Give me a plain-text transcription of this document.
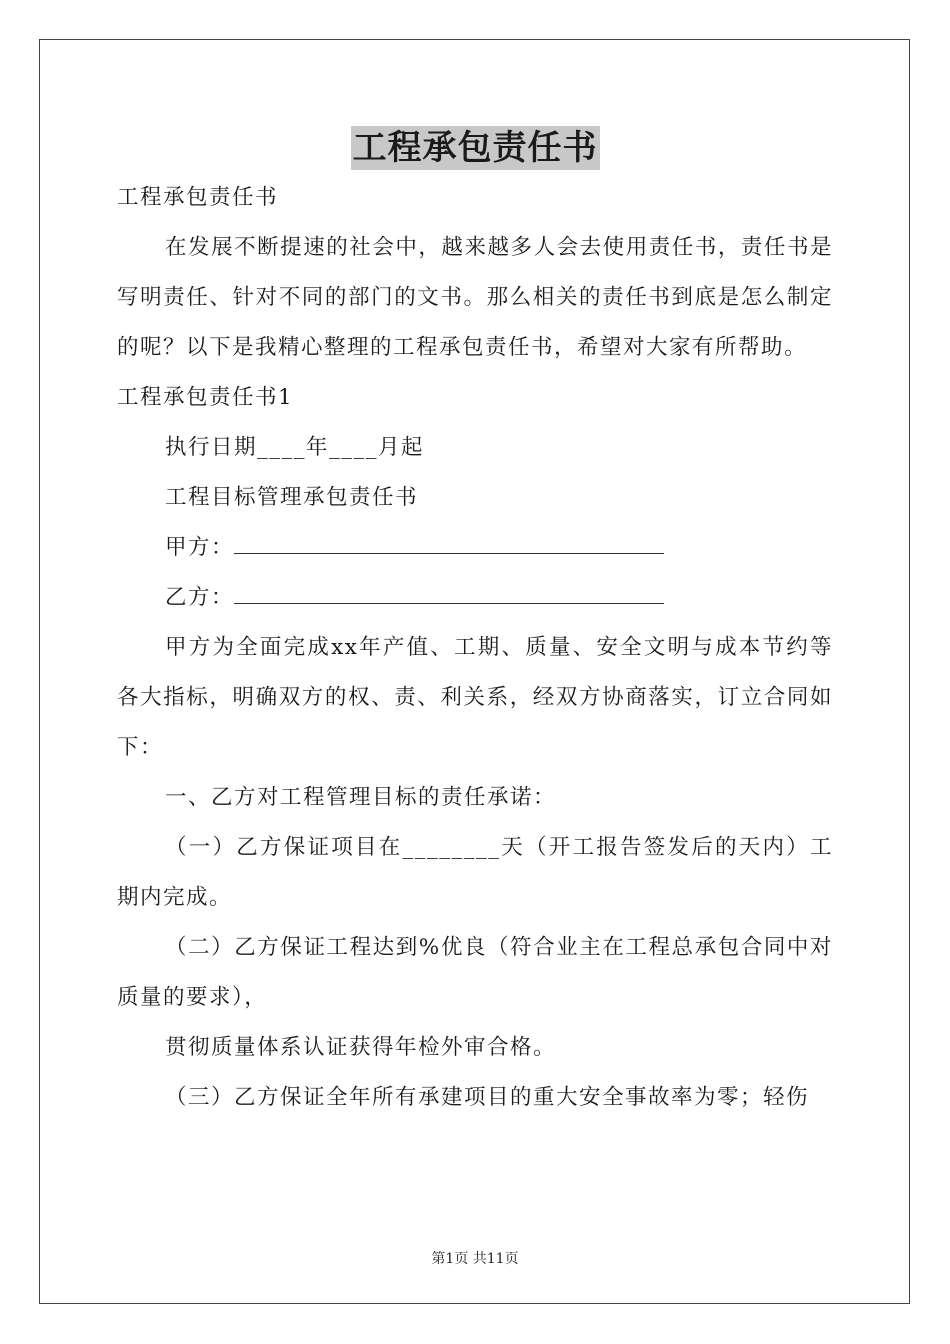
工程承包责任书

工程承包责任书

在发展不断提速的社会中，越来越多人会去使用责任书，责任书是写明责任、针对不同的部门的文书。那么相关的责任书到底是怎么制定的呢？以下是我精心整理的工程承包责任书，希望对大家有所帮助。

工程承包责任书1

执行日期____年____月起

工程目标管理承包责任书

甲方：

乙方：

甲方为全面完成xx年产值、工期、质量、安全文明与成本节约等各大指标，明确双方的权、责、利关系，经双方协商落实，订立合同如下：

一、乙方对工程管理目标的责任承诺：

（一）乙方保证项目在________天（开工报告签发后的天内）工期内完成。

（二）乙方保证工程达到%优良（符合业主在工程总承包合同中对质量的要求），

贯彻质量体系认证获得年检外审合格。

（三）乙方保证全年所有承建项目的重大安全事故率为零；轻伤

第1页 共11页
